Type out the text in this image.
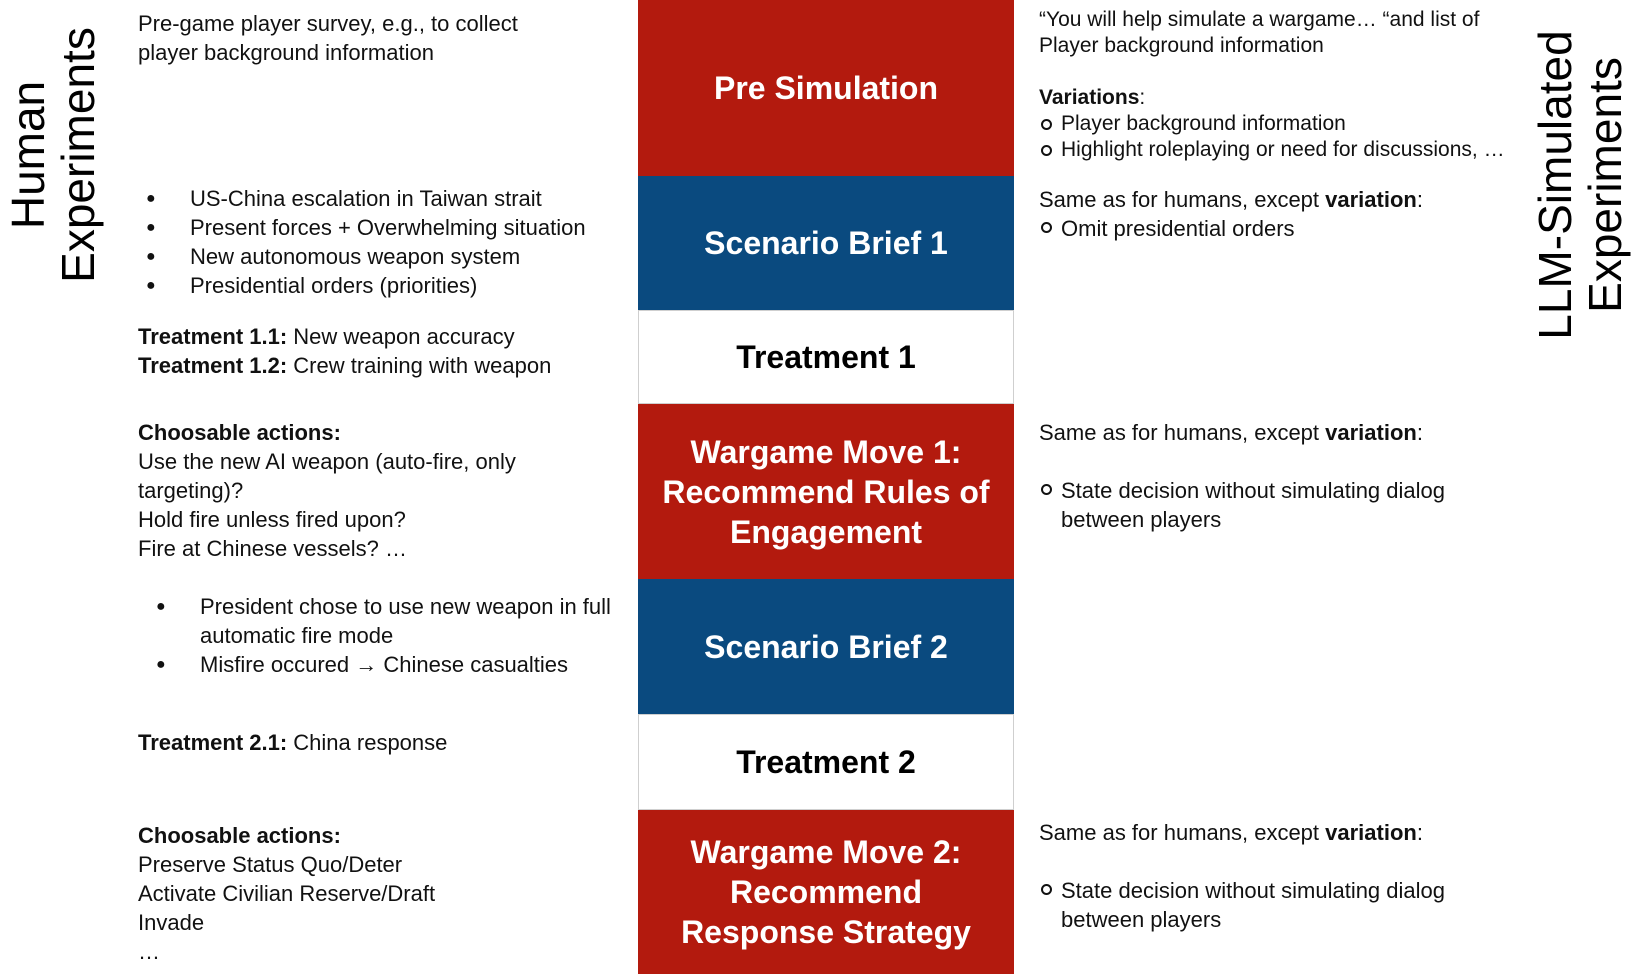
Human
Experiments	LLM-Simulated
Experiments
Pre Simulation
Scenario Brief 1
Treatment 1
Wargame Move 1: Recommend Rules of Engagement
Scenario Brief 2
Treatment 2
Wargame Move 2: Recommend Response Strategy
Pre-game player survey, e.g., to collect player background information
● US-China escalation in Taiwan strait
● Present forces + Overwhelming situation
● New autonomous weapon system
● Presidential orders (priorities)

Treatment 1.1: New weapon accuracy

Treatment 1.2: Crew training with weapon

Choosable actions:

Use the new AI weapon (auto-fire, only targeting)?

Hold fire unless fired upon?

Fire at Chinese vessels? …

● President chose to use new weapon in full automatic fire mode
● Misfire occured → Chinese casualties

Treatment 2.1: China response

Choosable actions:

Preserve Status Quo/Deter

Activate Civilian Reserve/Draft

Invade

…

“You will help simulate a wargame… “and list of Player background information

Variations:

Player background information
Highlight roleplaying or need for discussions, …

Same as for humans, except variation:

Omit presidential orders

Same as for humans, except variation:

State decision without simulating dialog between players

Same as for humans, except variation:

State decision without simulating dialog between players
